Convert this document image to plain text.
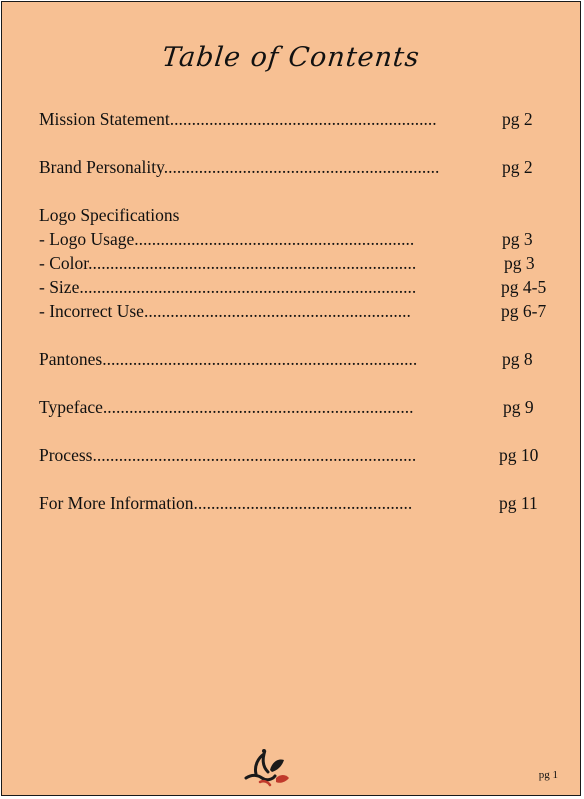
Table of Contents
Mission Statement.............................................................	pg 2
Brand Personality...............................................................	pg 2
Logo Specifications
- Logo Usage................................................................	pg 3
- Color...........................................................................	pg 3
- Size.............................................................................	pg 4-5
- Incorrect Use.............................................................	pg 6-7
Pantones........................................................................	pg 8
Typeface.......................................................................	pg 9
Process..........................................................................	pg 10
For More Information..................................................	pg 11
pg 1
